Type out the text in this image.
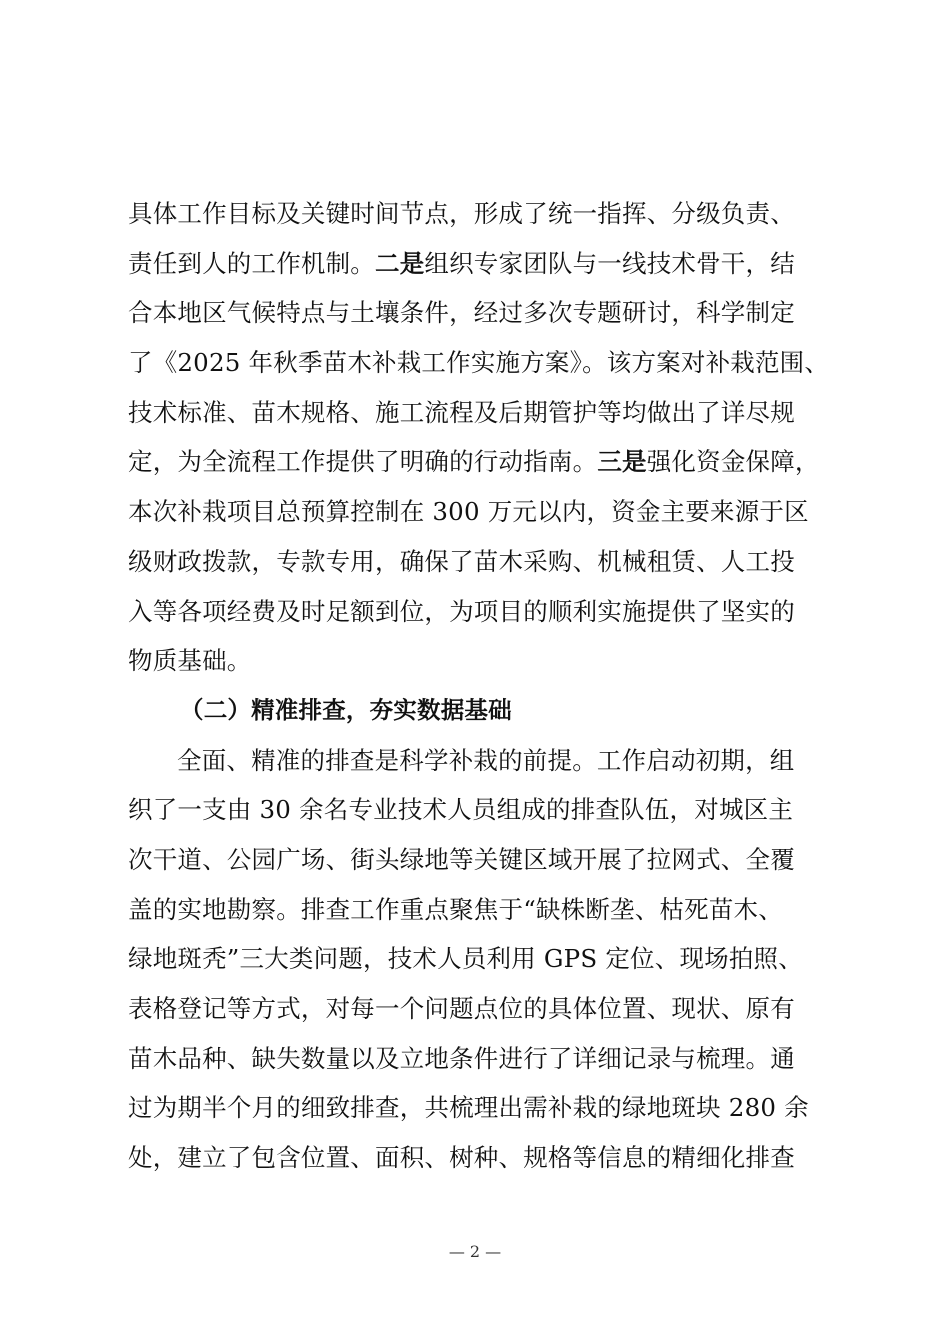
具体工作目标及关键时间节点，形成了统一指挥、分级负责、
责任到人的工作机制。二是组织专家团队与一线技术骨干，结
合本地区气候特点与土壤条件，经过多次专题研讨，科学制定
了《2025 年秋季苗木补栽工作实施方案》。该方案对补栽范围、
技术标准、苗木规格、施工流程及后期管护等均做出了详尽规
定，为全流程工作提供了明确的行动指南。三是强化资金保障，
本次补栽项目总预算控制在 300 万元以内，资金主要来源于区
级财政拨款，专款专用，确保了苗木采购、机械租赁、人工投
入等各项经费及时足额到位，为项目的顺利实施提供了坚实的
物质基础。
（二）精准排查，夯实数据基础
全面、精准的排查是科学补栽的前提。工作启动初期，组
织了一支由 30 余名专业技术人员组成的排查队伍，对城区主
次干道、公园广场、街头绿地等关键区域开展了拉网式、全覆
盖的实地勘察。排查工作重点聚焦于“缺株断垄、枯死苗木、
绿地斑秃”三大类问题，技术人员利用 GPS 定位、现场拍照、
表格登记等方式，对每一个问题点位的具体位置、现状、原有
苗木品种、缺失数量以及立地条件进行了详细记录与梳理。通
过为期半个月的细致排查，共梳理出需补栽的绿地斑块 280 余
处，建立了包含位置、面积、树种、规格等信息的精细化排查
— 2 —
